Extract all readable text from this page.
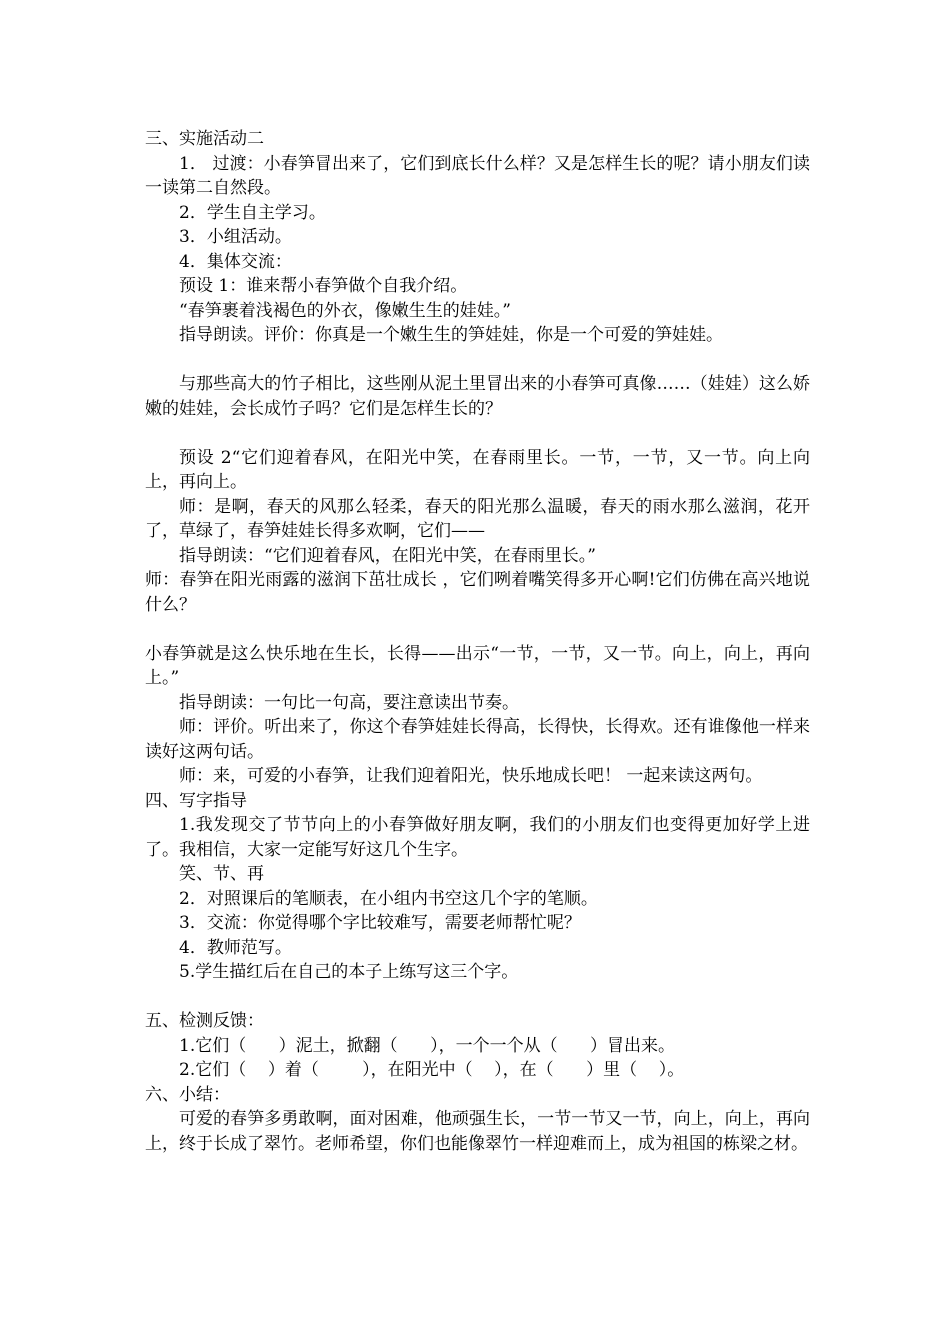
三、实施活动二

1． 过渡：小春笋冒出来了，它们到底长什么样？又是怎样生长的呢？请小朋友们读一读第二自然段。

2．学生自主学习。

3．小组活动。

4．集体交流：

预设 1：谁来帮小春笋做个自我介绍。

“春笋裹着浅褐色的外衣，像嫩生生的娃娃。”

指导朗读。评价：你真是一个嫩生生的笋娃娃，你是一个可爱的笋娃娃。

与那些高大的竹子相比，这些刚从泥土里冒出来的小春笋可真像……（娃娃）这么娇嫩的娃娃，会长成竹子吗？它们是怎样生长的？

预设 2“它们迎着春风，在阳光中笑，在春雨里长。一节，一节，又一节。向上向上，再向上。

师：是啊，春天的风那么轻柔，春天的阳光那么温暖，春天的雨水那么滋润，花开了，草绿了，春笋娃娃长得多欢啊，它们——

指导朗读：“它们迎着春风，在阳光中笑，在春雨里长。”

师：春笋在阳光雨露的滋润下茁壮成长 ，它们咧着嘴笑得多开心啊!它们仿佛在高兴地说什么？

小春笋就是这么快乐地在生长，长得——出示“一节，一节，又一节。向上，向上，再向上。”

指导朗读：一句比一句高，要注意读出节奏。

师：评价。听出来了，你这个春笋娃娃长得高，长得快，长得欢。还有谁像他一样来读好这两句话。

师：来，可爱的小春笋，让我们迎着阳光，快乐地成长吧！ 一起来读这两句。

四、写字指导

1.我发现交了节节向上的小春笋做好朋友啊，我们的小朋友们也变得更加好学上进了。我相信，大家一定能写好这几个生字。

笑、节、再

2．对照课后的笔顺表，在小组内书空这几个字的笔顺。

3．交流：你觉得哪个字比较难写，需要老师帮忙呢？

4．教师范写。

5.学生描红后在自己的本子上练写这三个字。

五、检测反馈：

1.它们（      ）泥土，掀翻（      ），一个一个从（      ）冒出来。

2.它们（    ）着（        ），在阳光中（    ），在（      ）里（    ）。

六、小结：

可爱的春笋多勇敢啊，面对困难，他顽强生长，一节一节又一节，向上，向上，再向上，终于长成了翠竹。老师希望，你们也能像翠竹一样迎难而上，成为祖国的栋梁之材。
